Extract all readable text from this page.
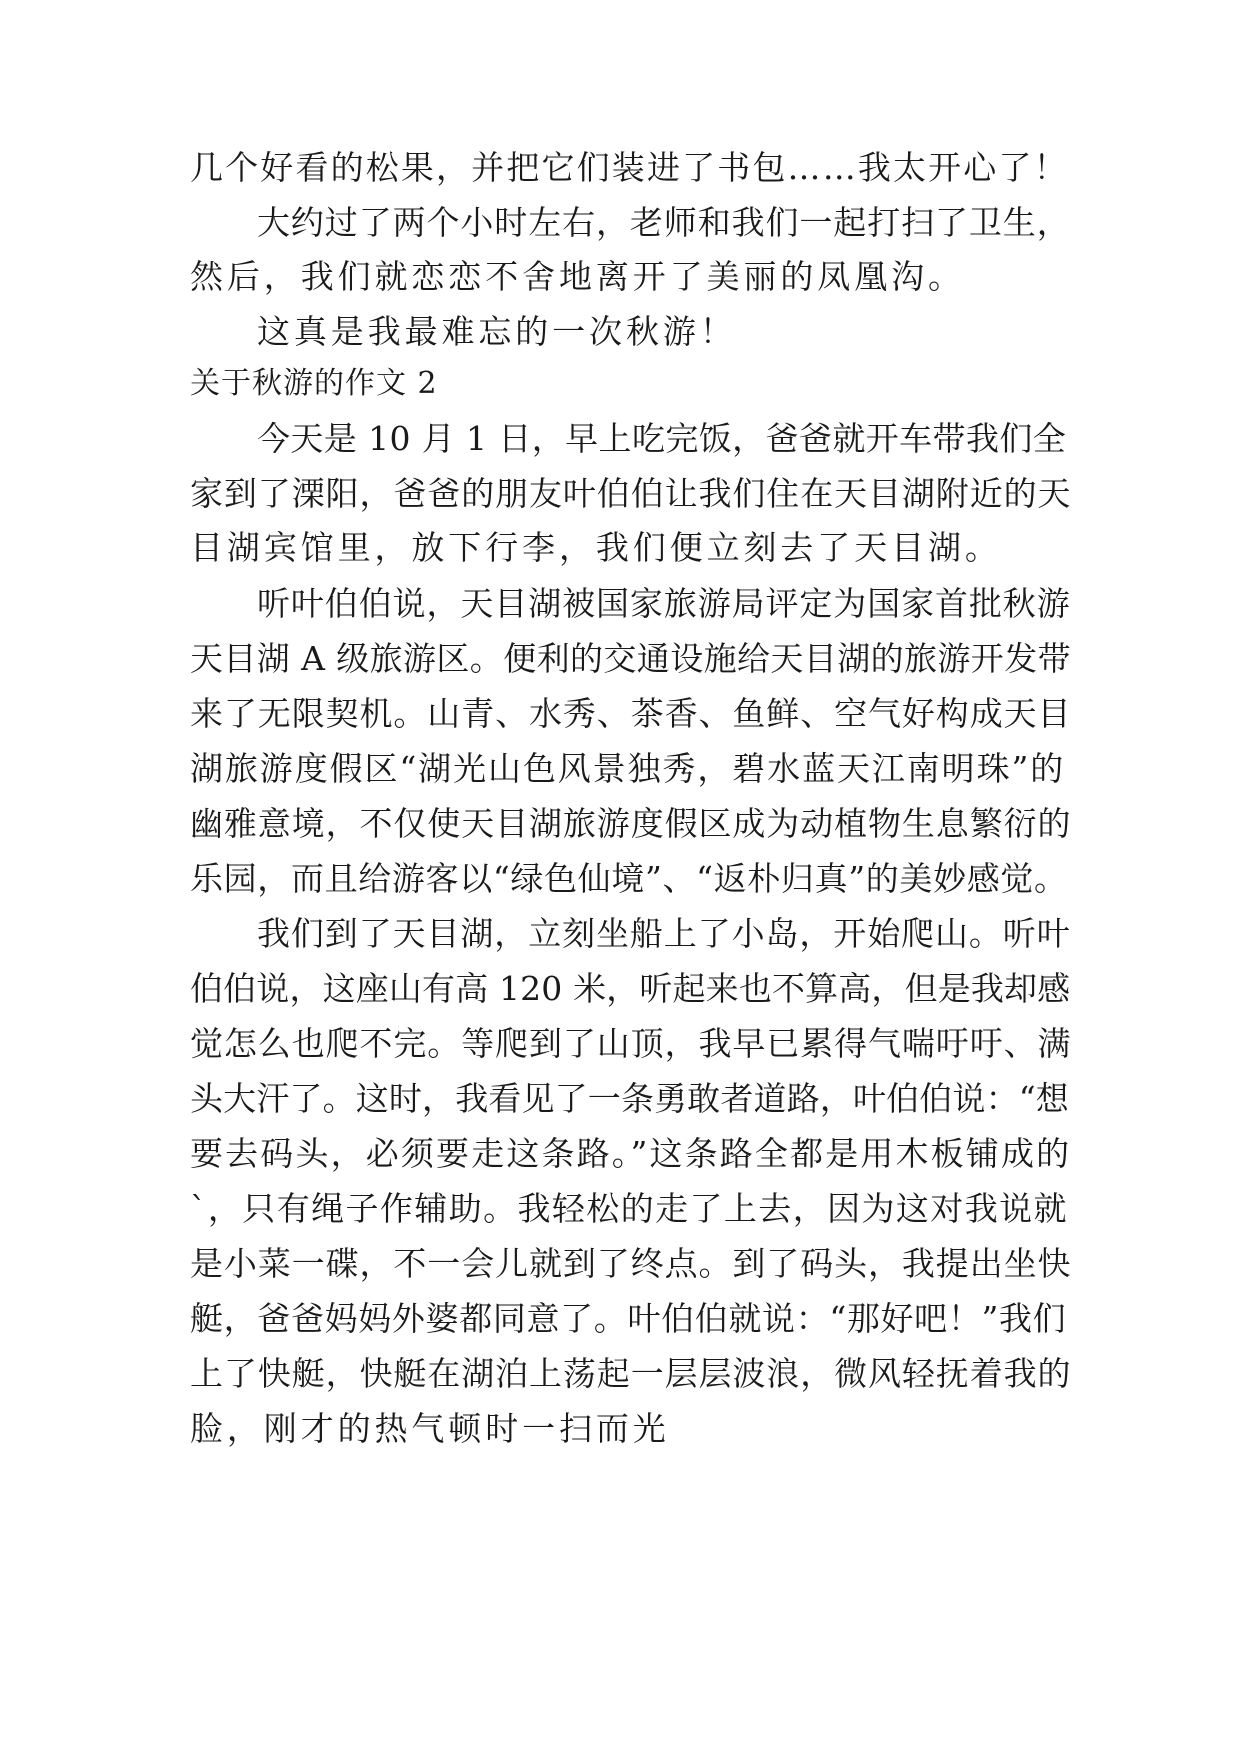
几个好看的松果，并把它们装进了书包……我太开心了！
大约过了两个小时左右，老师和我们一起打扫了卫生，
然后，我们就恋恋不舍地离开了美丽的凤凰沟。
这真是我最难忘的一次秋游！
关于秋游的作文 2
今天是 10 月 1 日，早上吃完饭，爸爸就开车带我们全
家到了溧阳，爸爸的朋友叶伯伯让我们住在天目湖附近的天
目湖宾馆里，放下行李，我们便立刻去了天目湖。
听叶伯伯说，天目湖被国家旅游局评定为国家首批秋游
天目湖 A 级旅游区。便利的交通设施给天目湖的旅游开发带
来了无限契机。山青、水秀、茶香、鱼鲜、空气好构成天目
湖旅游度假区“湖光山色风景独秀，碧水蓝天江南明珠”的
幽雅意境，不仅使天目湖旅游度假区成为动植物生息繁衍的
乐园，而且给游客以“绿色仙境”、“返朴归真”的美妙感觉。
我们到了天目湖，立刻坐船上了小岛，开始爬山。听叶
伯伯说，这座山有高 120 米，听起来也不算高，但是我却感
觉怎么也爬不完。等爬到了山顶，我早已累得气喘吁吁、满
头大汗了。这时，我看见了一条勇敢者道路，叶伯伯说：“想
要去码头，必须要走这条路。”这条路全都是用木板铺成的
`，只有绳子作辅助。我轻松的走了上去，因为这对我说就
是小菜一碟，不一会儿就到了终点。到了码头，我提出坐快
艇，爸爸妈妈外婆都同意了。叶伯伯就说：“那好吧！”我们
上了快艇，快艇在湖泊上荡起一层层波浪，微风轻抚着我的
脸，刚才的热气顿时一扫而光
